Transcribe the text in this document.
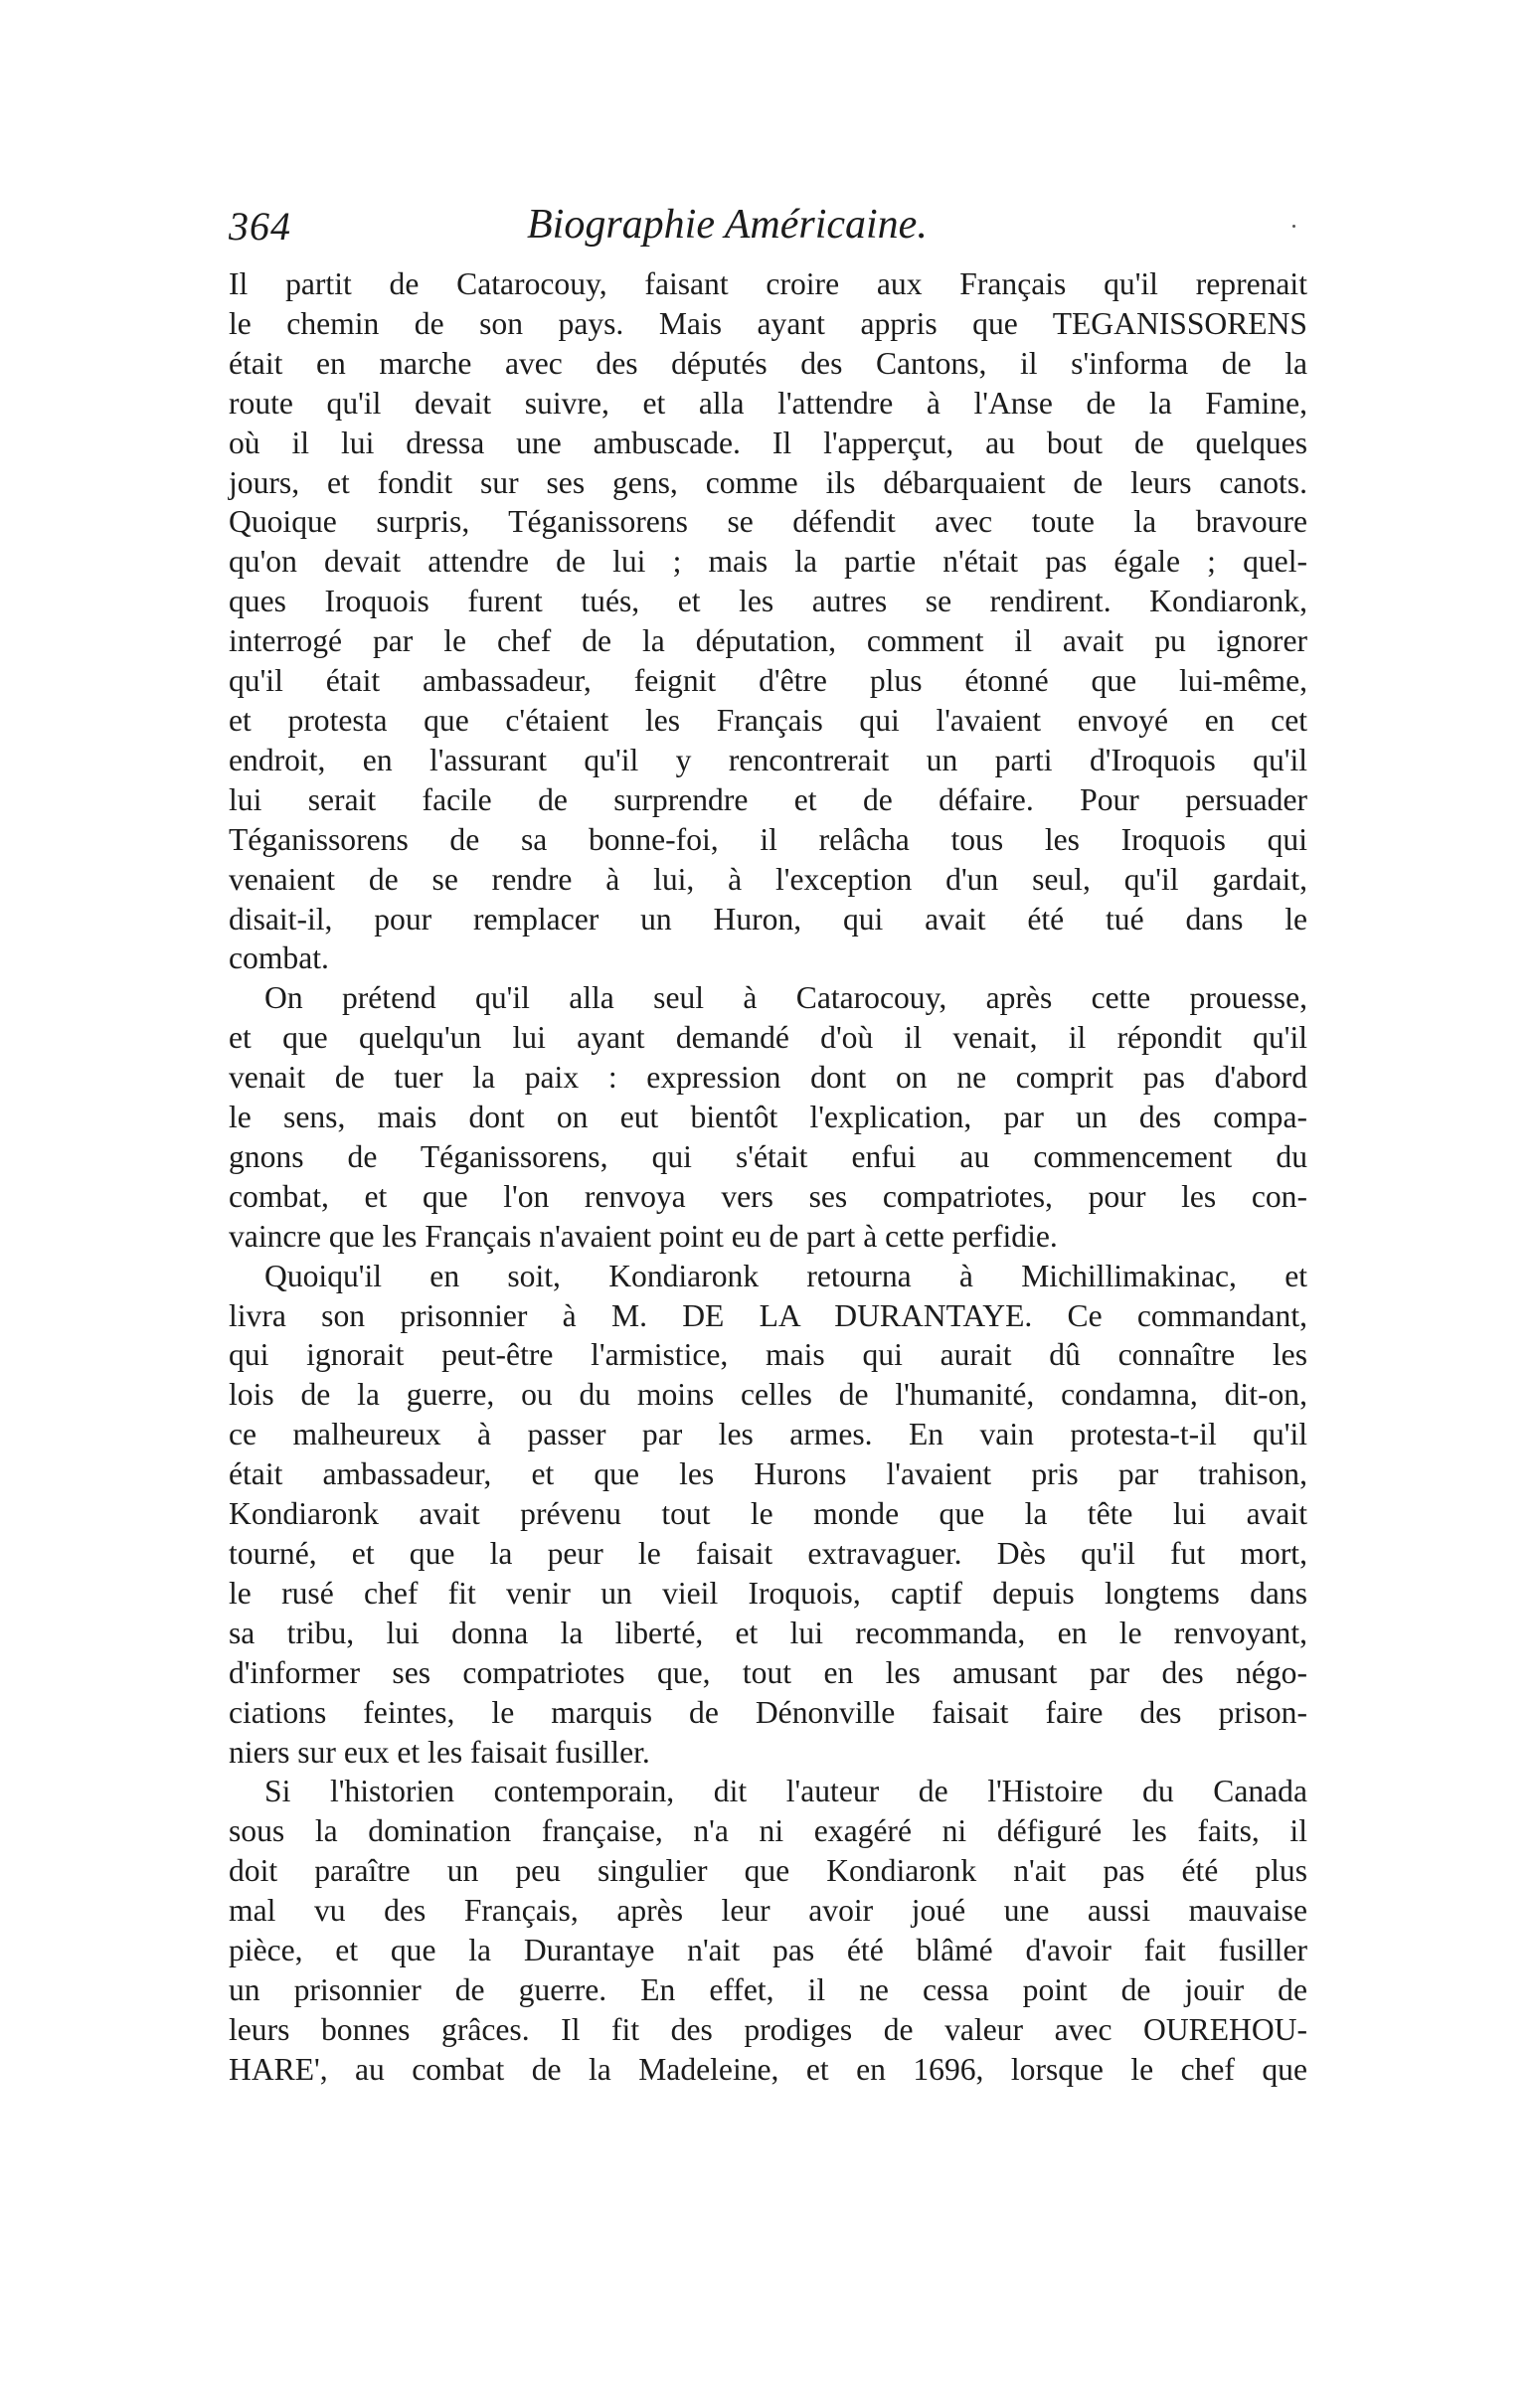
364	Biographie Américaine.
Il partit de Catarocouy, faisant croire aux Français qu'il reprenait
le chemin de son pays. Mais ayant appris que TEGANISSORENS
était en marche avec des députés des Cantons, il s'informa de la
route qu'il devait suivre, et alla l'attendre à l'Anse de la Famine,
où il lui dressa une ambuscade. Il l'apperçut, au bout de quelques
jours, et fondit sur ses gens, comme ils débarquaient de leurs canots.
Quoique surpris, Téganissorens se défendit avec toute la bravoure
qu'on devait attendre de lui ; mais la partie n'était pas égale ; quel-
ques Iroquois furent tués, et les autres se rendirent. Kondiaronk,
interrogé par le chef de la députation, comment il avait pu ignorer
qu'il était ambassadeur, feignit d'être plus étonné que lui-même,
et protesta que c'étaient les Français qui l'avaient envoyé en cet
endroit, en l'assurant qu'il y rencontrerait un parti d'Iroquois qu'il
lui serait facile de surprendre et de défaire. Pour persuader
Téganissorens de sa bonne-foi, il relâcha tous les Iroquois qui
venaient de se rendre à lui, à l'exception d'un seul, qu'il gardait,
disait-il, pour remplacer un Huron, qui avait été tué dans le
combat.
On prétend qu'il alla seul à Catarocouy, après cette prouesse,
et que quelqu'un lui ayant demandé d'où il venait, il répondit qu'il
venait de tuer la paix : expression dont on ne comprit pas d'abord
le sens, mais dont on eut bientôt l'explication, par un des compa-
gnons de Téganissorens, qui s'était enfui au commencement du
combat, et que l'on renvoya vers ses compatriotes, pour les con-
vaincre que les Français n'avaient point eu de part à cette perfidie.
Quoiqu'il en soit, Kondiaronk retourna à Michillimakinac, et
livra son prisonnier à M. DE LA DURANTAYE. Ce commandant,
qui ignorait peut-être l'armistice, mais qui aurait dû connaître les
lois de la guerre, ou du moins celles de l'humanité, condamna, dit-on,
ce malheureux à passer par les armes. En vain protesta-t-il qu'il
était ambassadeur, et que les Hurons l'avaient pris par trahison,
Kondiaronk avait prévenu tout le monde que la tête lui avait
tourné, et que la peur le faisait extravaguer. Dès qu'il fut mort,
le rusé chef fit venir un vieil Iroquois, captif depuis longtems dans
sa tribu, lui donna la liberté, et lui recommanda, en le renvoyant,
d'informer ses compatriotes que, tout en les amusant par des négo-
ciations feintes, le marquis de Dénonville faisait faire des prison-
niers sur eux et les faisait fusiller.
Si l'historien contemporain, dit l'auteur de l'Histoire du Canada
sous la domination française, n'a ni exagéré ni défiguré les faits, il
doit paraître un peu singulier que Kondiaronk n'ait pas été plus
mal vu des Français, après leur avoir joué une aussi mauvaise
pièce, et que la Durantaye n'ait pas été blâmé d'avoir fait fusiller
un prisonnier de guerre. En effet, il ne cessa point de jouir de
leurs bonnes grâces. Il fit des prodiges de valeur avec OUREHOU-
HARE', au combat de la Madeleine, et en 1696, lorsque le chef que
